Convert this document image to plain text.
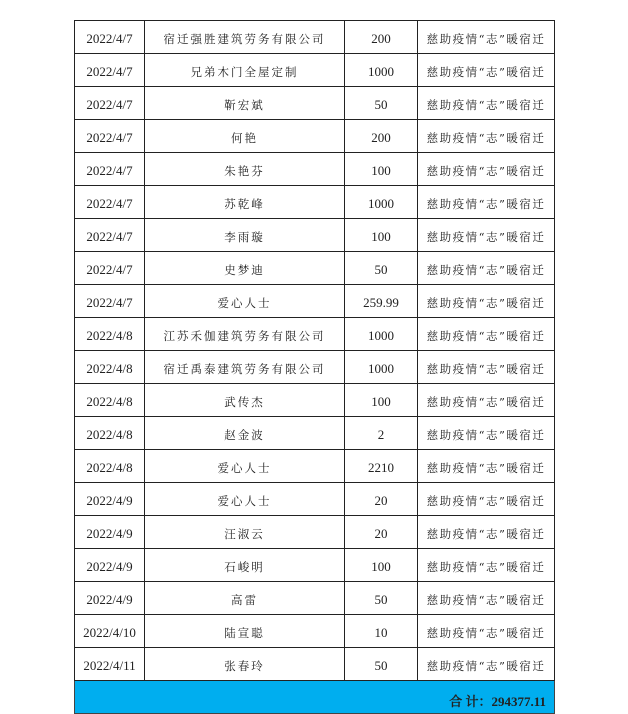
2022/4/7	宿迁强胜建筑劳务有限公司	200	慈助疫情“志”暖宿迁
2022/4/7	兄弟木门全屋定制	1000	慈助疫情“志”暖宿迁
2022/4/7	靳宏斌	50	慈助疫情“志”暖宿迁
2022/4/7	何艳	200	慈助疫情“志”暖宿迁
2022/4/7	朱艳芬	100	慈助疫情“志”暖宿迁
2022/4/7	苏乾峰	1000	慈助疫情“志”暖宿迁
2022/4/7	李雨璇	100	慈助疫情“志”暖宿迁
2022/4/7	史梦迪	50	慈助疫情“志”暖宿迁
2022/4/7	爱心人士	259.99	慈助疫情“志”暖宿迁
2022/4/8	江苏禾伽建筑劳务有限公司	1000	慈助疫情“志”暖宿迁
2022/4/8	宿迁禹泰建筑劳务有限公司	1000	慈助疫情“志”暖宿迁
2022/4/8	武传杰	100	慈助疫情“志”暖宿迁
2022/4/8	赵金波	2	慈助疫情“志”暖宿迁
2022/4/8	爱心人士	2210	慈助疫情“志”暖宿迁
2022/4/9	爱心人士	20	慈助疫情“志”暖宿迁
2022/4/9	汪淑云	20	慈助疫情“志”暖宿迁
2022/4/9	石峻明	100	慈助疫情“志”暖宿迁
2022/4/9	高雷	50	慈助疫情“志”暖宿迁
2022/4/10	陆宣聪	10	慈助疫情“志”暖宿迁
2022/4/11	张春玲	50	慈助疫情“志”暖宿迁
合 计：294377.11			
